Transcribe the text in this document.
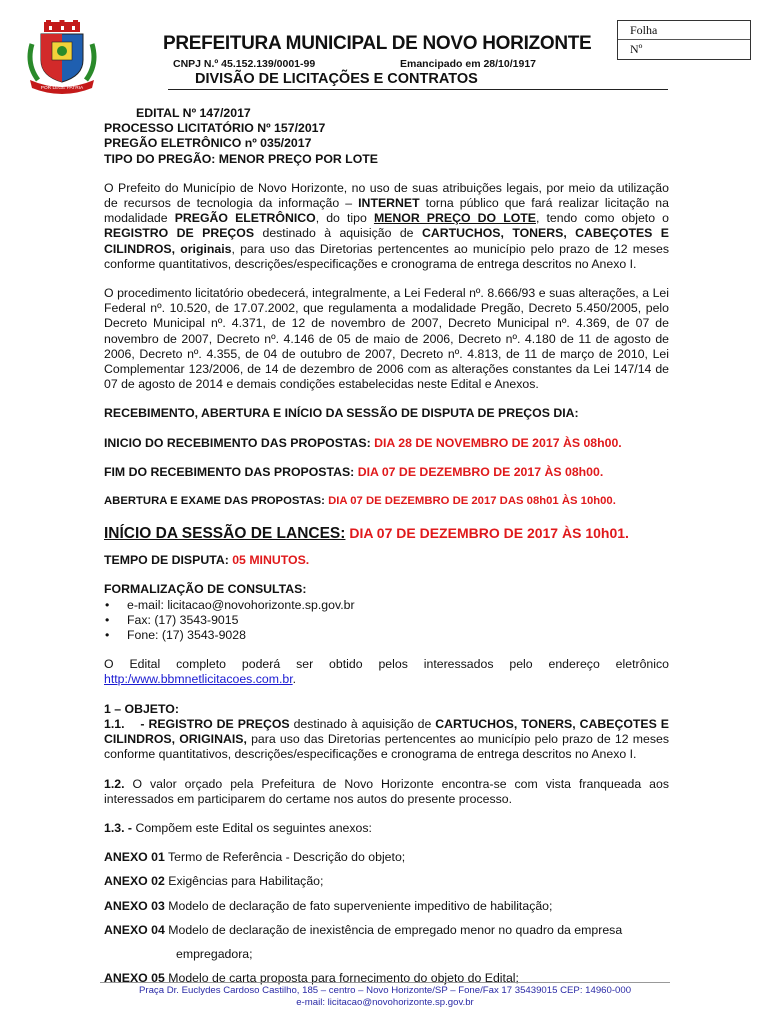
POR LEGE PATRIA
Folha
Nº
PREFEITURA MUNICIPAL DE NOVO HORIZONTE
CNPJ N.º 45.152.139/0001-99	Emancipado em 28/10/1917
DIVISÃO DE LICITAÇÕES E CONTRATOS
EDITAL Nº 147/2017
PROCESSO LICITATÓRIO Nº 157/2017
PREGÃO ELETRÔNICO nº 035/2017
TIPO DO PREGÃO: MENOR PREÇO POR LOTE

O Prefeito do Município de Novo Horizonte, no uso de suas atribuições legais, por meio da utilização de recursos de tecnologia da informação – INTERNET torna público que fará realizar licitação na modalidade PREGÃO ELETRÔNICO, do tipo MENOR PREÇO DO LOTE, tendo como objeto o REGISTRO DE PREÇOS destinado à aquisição de CARTUCHOS, TONERS, CABEÇOTES E CILINDROS, originais, para uso das Diretorias pertencentes ao município pelo prazo de 12 meses conforme quantitativos, descrições/especificações e cronograma de entrega descritos no Anexo I.

O procedimento licitatório obedecerá, integralmente, a Lei Federal nº. 8.666/93 e suas alterações, a Lei Federal nº. 10.520, de 17.07.2002, que regulamenta a modalidade Pregão, Decreto 5.450/2005, pelo Decreto Municipal nº. 4.371, de 12 de novembro de 2007, Decreto Municipal nº. 4.369, de 07 de novembro de 2007, Decreto nº. 4.146 de 05 de maio de 2006, Decreto nº. 4.180 de 11 de agosto de 2006, Decreto nº. 4.355, de 04 de outubro de 2007, Decreto nº. 4.813, de 11 de março de 2010, Lei Complementar 123/2006, de 14 de dezembro de 2006 com as alterações constantes da Lei 147/14 de 07 de agosto de 2014 e demais condições estabelecidas neste Edital e Anexos.

RECEBIMENTO, ABERTURA E INÍCIO DA SESSÃO DE DISPUTA DE PREÇOS DIA:

INICIO DO RECEBIMENTO DAS PROPOSTAS: DIA 28 DE NOVEMBRO DE 2017 ÀS 08h00.

FIM DO RECEBIMENTO DAS PROPOSTAS: DIA 07 DE DEZEMBRO DE 2017 ÀS 08h00.

ABERTURA E EXAME DAS PROPOSTAS: DIA 07 DE DEZEMBRO DE 2017 DAS 08h01 ÀS 10h00.

INÍCIO DA SESSÃO DE LANCES: DIA 07 DE DEZEMBRO DE 2017 ÀS 10h01.

TEMPO DE DISPUTA: 05 MINUTOS.

FORMALIZAÇÃO DE CONSULTAS:

• e-mail: licitacao@novohorizonte.sp.gov.br
• Fax: (17) 3543-9015
• Fone: (17) 3543-9028

O Edital completo poderá ser obtido pelos interessados pelo endereço eletrônico

http:/www.bbmnetlicitacoes.com.br.

1 – OBJETO:

1.1.    - REGISTRO DE PREÇOS destinado à aquisição de CARTUCHOS, TONERS, CABEÇOTES E CILINDROS, ORIGINAIS, para uso das Diretorias pertencentes ao município pelo prazo de 12 meses conforme quantitativos, descrições/especificações e cronograma de entrega descritos no Anexo I.

1.2. O valor orçado pela Prefeitura de Novo Horizonte encontra-se com vista franqueada aos interessados em participarem do certame nos autos do presente processo.

1.3. - Compõem este Edital os seguintes anexos:

ANEXO 01 Termo de Referência - Descrição do objeto;

ANEXO 02 Exigências para Habilitação;

ANEXO 03 Modelo de declaração de fato superveniente impeditivo de habilitação;

ANEXO 04 Modelo de declaração de inexistência de empregado menor no quadro da empresa

empregadora;

ANEXO 05 Modelo de carta proposta para fornecimento do objeto do Edital;

Praça Dr. Euclydes Cardoso Castilho, 185 – centro – Novo Horizonte/SP – Fone/Fax 17 35439015 CEP: 14960-000
e-mail: licitacao@novohorizonte.sp.gov.br
